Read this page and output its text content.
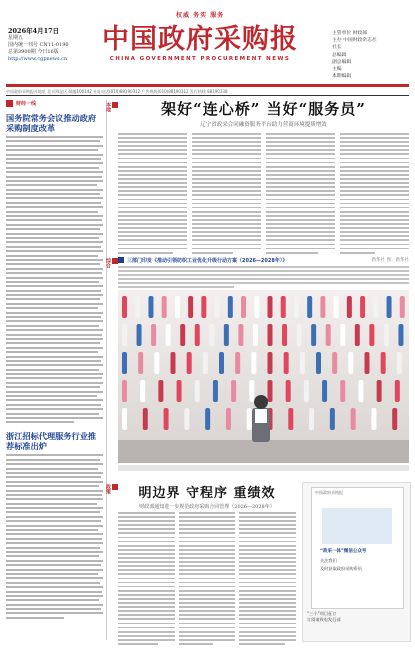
2026年4月17日
星期五
国内统一刊号 CN11-0190
总第3900期 今日16版
http://www.cgpnews.cn
权威 务实 服务
中国政府采购报
CHINA GOVERNMENT PROCUREMENT NEWS
主管单位 财政部
主办 中国财政杂志社
社长
总编辑
副总编辑
主编
本期编辑
中国政府采购报社地址 北京海淀区 邮编100142 社址电话(010)88190312 广告热线(010)88190312 发行热线 88190338
财经一线
国务院常务会议推动政府采购制度改革
浙江招标代理服务行业推荐标准出炉
本地
综合
政策
架好“连心桥” 当好“服务员”
辽宁省政采合同融资服务平台助力营商环境提质增效
三部门印发《推动引领纺织工业优化升级行动方案（2026—2028年）》	新华社 图：新华社
明边界 守程序 重绩效
财政部通知进一步规范政府采购合同管理（2026—2028年）
中国政府采购报
“政采一体”微信公众号
关注我们
及时获取政府采购资讯
“三个”项目征订
订阅请致电发行部
